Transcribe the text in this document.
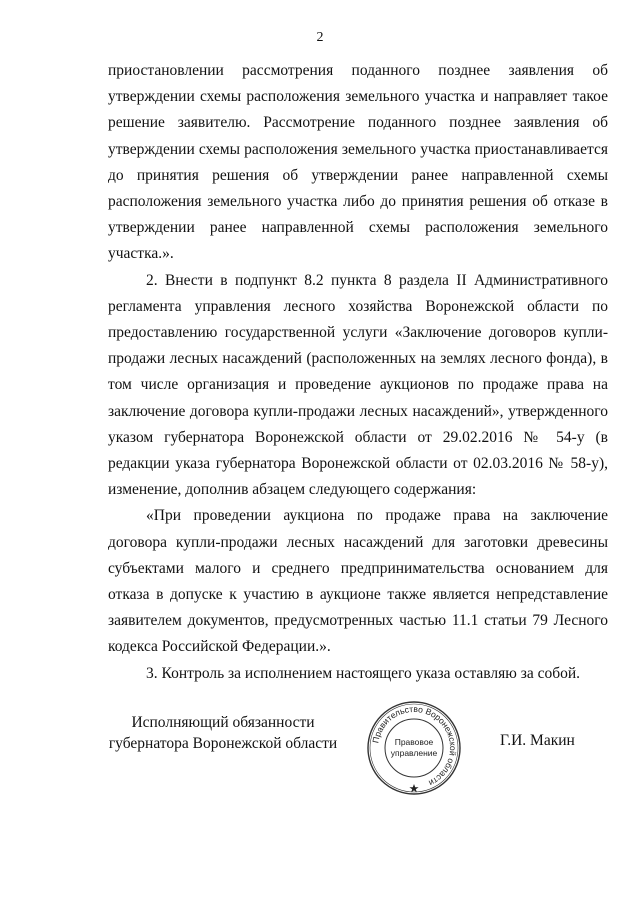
2

приостановлении рассмотрения поданного позднее заявления об утверждении схемы расположения земельного участка и направляет такое решение заявителю. Рассмотрение поданного позднее заявления об утверждении схемы расположения земельного участка приостанавливается до принятия решения об утверждении ранее направленной схемы расположения земельного участка либо до принятия решения об отказе в утверждении ранее направленной схемы расположения земельного участка.».

2. Внести в подпункт 8.2 пункта 8 раздела II Административного регламента управления лесного хозяйства Воронежской области по предоставлению государственной услуги «Заключение договоров купли-продажи лесных насаждений (расположенных на землях лесного фонда), в том числе организация и проведение аукционов по продаже права на заключение договора купли-продажи лесных насаждений», утвержденного указом губернатора Воронежской области от 29.02.2016 № 54-у (в редакции указа губернатора Воронежской области от 02.03.2016 № 58-у), изменение, дополнив абзацем следующего содержания:

«При проведении аукциона по продаже права на заключение договора купли-продажи лесных насаждений для заготовки древесины субъектами малого и среднего предпринимательства основанием для отказа в допуске к участию в аукционе также является непредставление заявителем документов, предусмотренных частью 11.1 статьи 79 Лесного кодекса Российской Федерации.».

3. Контроль за исполнением настоящего указа оставляю за собой.

Исполняющий обязанности
губернатора Воронежской области	Правительство Воронежской области
Правовое
управление
Г.И. Макин
